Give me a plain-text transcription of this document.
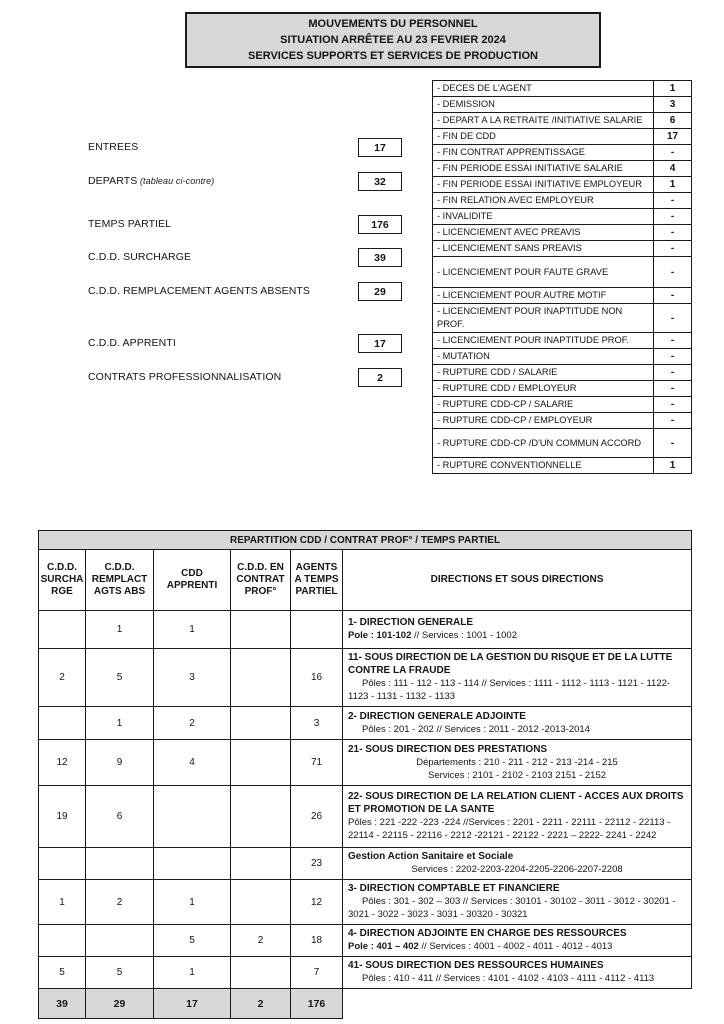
MOUVEMENTS DU PERSONNEL
SITUATION ARRÊTEE AU 23 FEVRIER 2024
SERVICES SUPPORTS ET SERVICES DE PRODUCTION
ENTREES	17
DEPARTS (tableau ci-contre)	32
TEMPS PARTIEL	176
C.D.D. SURCHARGE	39
C.D.D. REMPLACEMENT AGENTS ABSENTS	29
C.D.D. APPRENTI	17
CONTRATS PROFESSIONNALISATION	2
- DECES DE L'AGENT	1
- DEMISSION	3
- DEPART A LA RETRAITE /INITIATIVE SALARIE	6
- FIN DE CDD	17
- FIN CONTRAT APPRENTISSAGE	-
- FIN PERIODE ESSAI INITIATIVE SALARIE	4
- FIN PERIODE ESSAI INITIATIVE EMPLOYEUR	1
- FIN RELATION AVEC EMPLOYEUR	-
- INVALIDITE	-
- LICENCIEMENT AVEC PREAVIS	-
- LICENCIEMENT SANS PREAVIS	-
- LICENCIEMENT POUR FAUTE GRAVE	-
- LICENCIEMENT POUR AUTRE MOTIF	-
- LICENCIEMENT POUR INAPTITUDE NON PROF.	-
- LICENCIEMENT POUR INAPTITUDE PROF.	-
- MUTATION	-
- RUPTURE CDD / SALARIE	-
- RUPTURE CDD / EMPLOYEUR	-
- RUPTURE CDD-CP / SALARIE	-
- RUPTURE CDD-CP / EMPLOYEUR	-
- RUPTURE CDD-CP /D'UN COMMUN ACCORD	-
- RUPTURE CONVENTIONNELLE	1
REPARTITION CDD / CONTRAT PROF° / TEMPS PARTIEL					
C.D.D. SURCHARGE	C.D.D. REMPLACT AGTS ABS	CDD APPRENTI	C.D.D. EN CONTRAT PROF°	AGENTS A TEMPS PARTIEL	DIRECTIONS ET SOUS DIRECTIONS
	1	1			1- DIRECTION GENERALE
Pole : 101-102 // Services : 1001 - 1002

2	5	3		16	11- SOUS DIRECTION DE LA GESTION DU RISQUE ET DE LA LUTTE CONTRE LA FRAUDE
Pôles : 111 - 112 - 113 - 114 // Services : 1111 - 1112 - 1113 - 1121 - 1122-1123 - 1131 - 1132 - 1133

	1	2		3	2- DIRECTION GENERALE ADJOINTE
Pôles : 201 - 202 // Services : 2011 - 2012 -2013-2014

12	9	4		71	21- SOUS DIRECTION DES PRESTATIONS
Départements : 210 - 211 - 212 - 213 -214 - 215
Services : 2101 - 2102 - 2103 2151 - 2152

19	6			26	22- SOUS DIRECTION DE LA RELATION CLIENT - ACCES AUX DROITS ET PROMOTION DE LA SANTE
Pôles : 221 -222 -223 -224 //Services : 2201 - 2211 - 22111 - 22112 - 22113 - 22114 - 22115 - 22116 - 2212 -22121 - 22122 - 2221 – 2222- 2241 - 2242

				23	Gestion Action Sanitaire et Sociale
Services : 2202-2203-2204-2205-2206-2207-2208

1	2	1		12	3- DIRECTION COMPTABLE ET FINANCIERE
Pôles : 301 - 302 – 303 // Services : 30101 - 30102 - 3011 - 3012 - 30201 - 3021 - 3022 - 3023 - 3031 - 30320 - 30321

		5	2	18	4- DIRECTION ADJOINTE EN CHARGE DES RESSOURCES
Pole : 401 – 402 // Services : 4001 - 4002 - 4011 - 4012 - 4013

5	5	1		7	41- SOUS DIRECTION DES RESSOURCES HUMAINES
Pôles : 410 - 411 // Services : 4101 - 4102 - 4103 - 4111 - 4112 - 4113

39	29	17	2	176	
